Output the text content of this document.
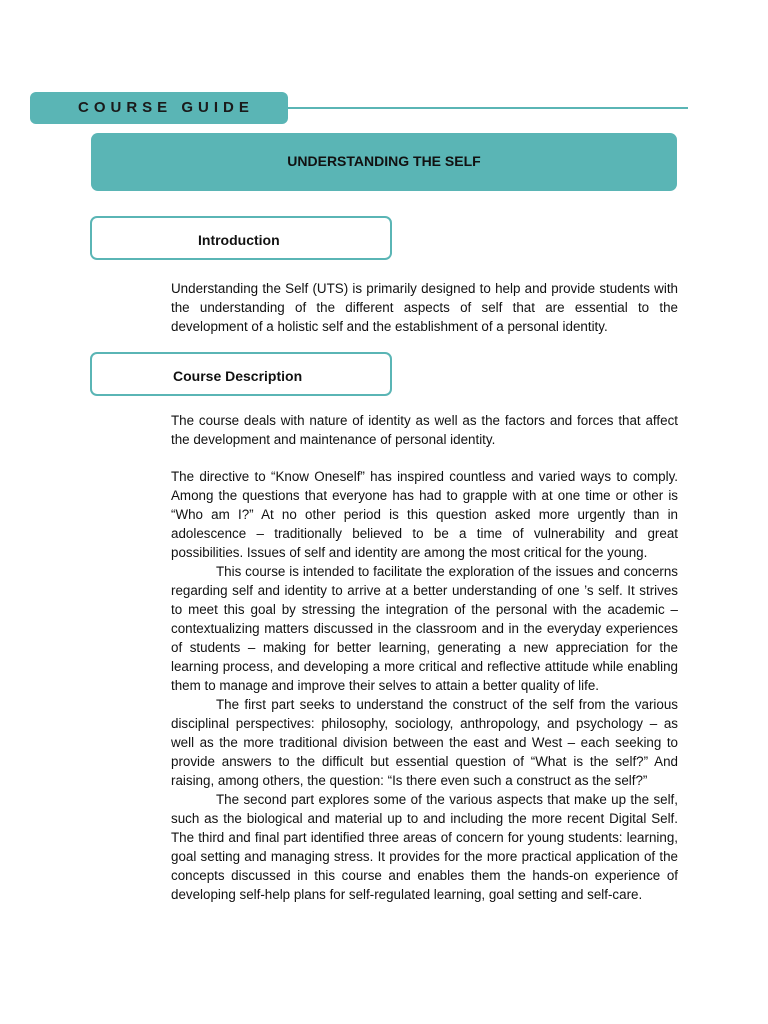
COURSE GUIDE
UNDERSTANDING THE SELF
Introduction

Understanding the Self (UTS) is primarily designed to help and provide students with the understanding of the different aspects of self that are essential to the development of a holistic self and the establishment of a personal identity.

Course Description

The course deals with nature of identity as well as the factors and forces that affect the development and maintenance of personal identity.

The directive to “Know Oneself” has inspired countless and varied ways to comply. Among the questions that everyone has had to grapple with at one time or other is “Who am I?” At no other period is this question asked more urgently than in adolescence – traditionally believed to be a time of vulnerability and great possibilities. Issues of self and identity are among the most critical for the young.
This course is intended to facilitate the exploration of the issues and concerns regarding self and identity to arrive at a better understanding of one ’s self. It strives to meet this goal by stressing the integration of the personal with the academic – contextualizing matters discussed in the classroom and in the everyday experiences of students – making for better learning, generating a new appreciation for the learning process, and developing a more critical and reflective attitude while enabling them to manage and improve their selves to attain a better quality of life.
The first part seeks to understand the construct of the self from the various disciplinal perspectives: philosophy, sociology, anthropology, and psychology – as well as the more traditional division between the east and West – each seeking to provide answers to the difficult but essential question of “What is the self?” And raising, among others, the question: “Is there even such a construct as the self?”
The second part explores some of the various aspects that make up the self, such as the biological and material up to and including the more recent Digital Self. The third and final part identified three areas of concern for young students: learning, goal setting and managing stress. It provides for the more practical application of the concepts discussed in this course and enables them the hands-on experience of developing self-help plans for self-regulated learning, goal setting and self-care.
